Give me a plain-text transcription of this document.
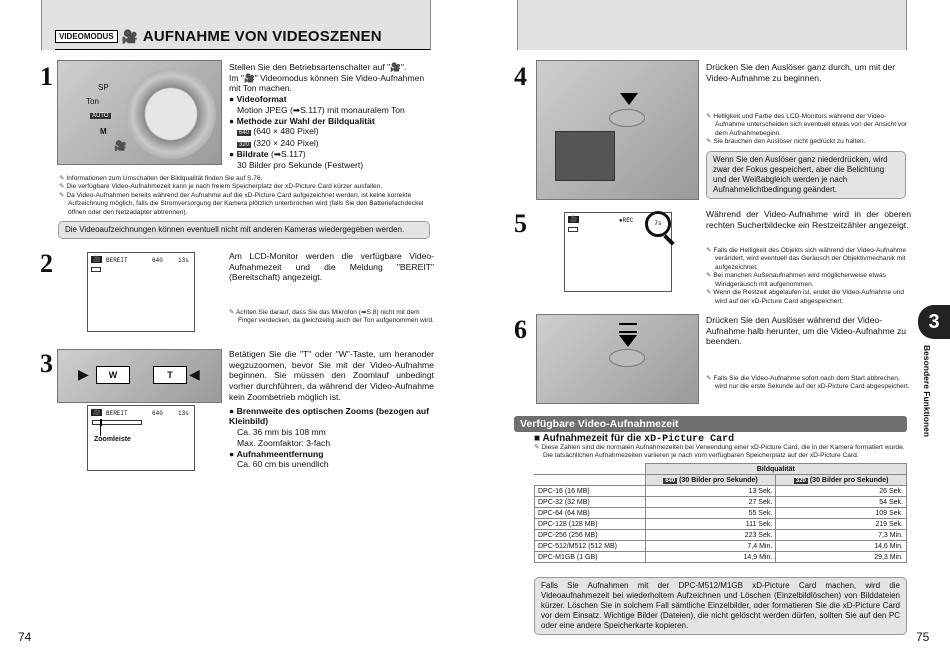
VIDEOMODUS 🎥 AUFNAHME VON VIDEOSZENEN
1	SP
Ton
AUTO
M
🎥

Stellen Sie den Betriebsartenschalter auf "🎥".

Im "🎥" Videomodus können Sie Video-Aufnahmen mit Ton machen.

● Videoformat

Motion JPEG (➡S.117) mit monauralem Ton

● Methode zur Wahl der Bildqualität

640 (640 × 480 Pixel)

320 (320 × 240 Pixel)

● Bildrate (➡S.117)

30 Bilder pro Sekunde (Festwert)

✎ Informationen zum Umschalten der Bildqualität finden Sie auf S.76.

✎ Die verfügbare Video-Aufnahmezeit kann je nach freiem Speicherplatz der xD-Picture Card kürzer ausfallen.

✎ Da Video-Aufnahmen bereits während der Aufnahme auf die xD-Picture Card aufgezeichnet werden, ist keine korrekte Aufzeichnung möglich, falls die Stromversorgung der Kamera plötzlich unterbrochen wird (falls Sie den Batteriefachdeckel öffnen oder den Netzadapter abtrennen).

Die Videoaufzeichnungen können eventuell nicht mit anderen Kameras wiedergegeben werden.
2	🎥 BEREIT	640	13s	Am LCD-Monitor werden die verfügbare Video-Aufnahmezeit und die Meldung "BEREIT" (Bereitschaft) angezeigt.

✎ Achten Sie darauf, dass Sie das Mikrofon (➡S.8) nicht mit dem Finger verdecken, da gleichzeitig auch der Ton aufgenommen wird.

3	W	T
▶	◀
🎥 BEREIT	640	13s
Zoomleiste

Betätigen Sie die "T" oder "W"-Taste, um heranoder wegzuzoomen, bevor Sie mit der Video-Aufnahme beginnen. Sie müssen den Zoomlauf unbedingt vorher durchführen, da während der Video-Aufnahme kein Zoombetrieb möglich ist.

● Brennweite des optischen Zooms (bezogen auf Kleinbild)

Ca. 36 mm bis 108 mm

Max. Zoomfaktor: 3-fach

● Aufnahmeentfernung

Ca. 60 cm bis unendlich

74
4	Drücken Sie den Auslöser ganz durch, um mit der Video-Aufnahme zu beginnen.

✎ Helligkeit und Farbe des LCD-Monitors während der Video-Aufnahme unterscheiden sich eventuell etwas von der Ansicht vor dem Aufnahmebeginn.

✎ Sie brauchen den Auslöser nicht gedrückt zu halten.

Wenn Sie den Auslöser ganz niederdrücken, wird zwar der Fokus gespeichert, aber die Belichtung und der Weißabgleich werden je nach Aufnahmelichtbedingung geändert.
5	🎥	●REC	7s
Während der Video-Aufnahme wird in der oberen rechten Sucherbildecke ein Restzeitzähler angezeigt.

✎ Falls die Helligkeit des Objekts sich während der Video-Aufnahme verändert, wird eventuell das Geräusch der Objektivmechanik mit aufgezeichnet.

✎ Bei manchen Außenaufnahmen wird möglicherweise etwas Windgeräusch mit aufgenommen.

✎ Wenn die Restzeit abgelaufen ist, endet die Video-Aufnahme und wird auf der xD-Picture Card abgespeichert.

6	Drücken Sie den Auslöser während der Video-Aufnahme halb herunter, um die Video-Aufnahme zu beenden.

✎ Falls Sie die Video-Aufnahme sofort nach dem Start abbrechen, wird nur die erste Sekunde auf der xD-Picture Card abgespeichert.

3
Besondere Funktionen
Verfügbare Video-Aufnahmezeit
■ Aufnahmezeit für die xD-Picture Card

✎ Diese Zahlen sind die normalen Aufnahmezeiten bei Verwendung einer xD-Picture Card, die in der Kamera formatiert wurde. Die tatsächlichen Aufnahmezeiten variieren je nach vom verfügbaren Speicherplatz auf der xD-Picture Card.

	Bildqualität	
	640 (30 Bilder pro Sekunde)	320 (30 Bilder pro Sekunde)
DPC-16 (16 MB)	13 Sek.	26 Sek.
DPC-32 (32 MB)	27 Sek.	54 Sek.
DPC-64 (64 MB)	55 Sek.	109 Sek.
DPC-128 (128 MB)	111 Sek.	219 Sek.
DPC-256 (256 MB)	223 Sek.	7,3 Min.
DPC-512/M512 (512 MB)	7,4 Min.	14,6 Min.
DPC-M1GB (1 GB)	14,9 Min.	29,3 Min.
Falls Sie Aufnahmen mit der DPC-M512/M1GB xD-Picture Card machen, wird die Videoaufnahmezeit bei wiederholtem Aufzeichnen und Löschen (Einzelbildlöschen) von Bilddateien kürzer. Löschen Sie in solchem Fall sämtliche Einzelbilder, oder formatieren Sie die xD-Picture Card vor dem Einsatz. Wichtige Bilder (Dateien), die nicht gelöscht werden dürfen, sollten Sie auf den PC oder eine andere Speicherkarte kopieren.
75
